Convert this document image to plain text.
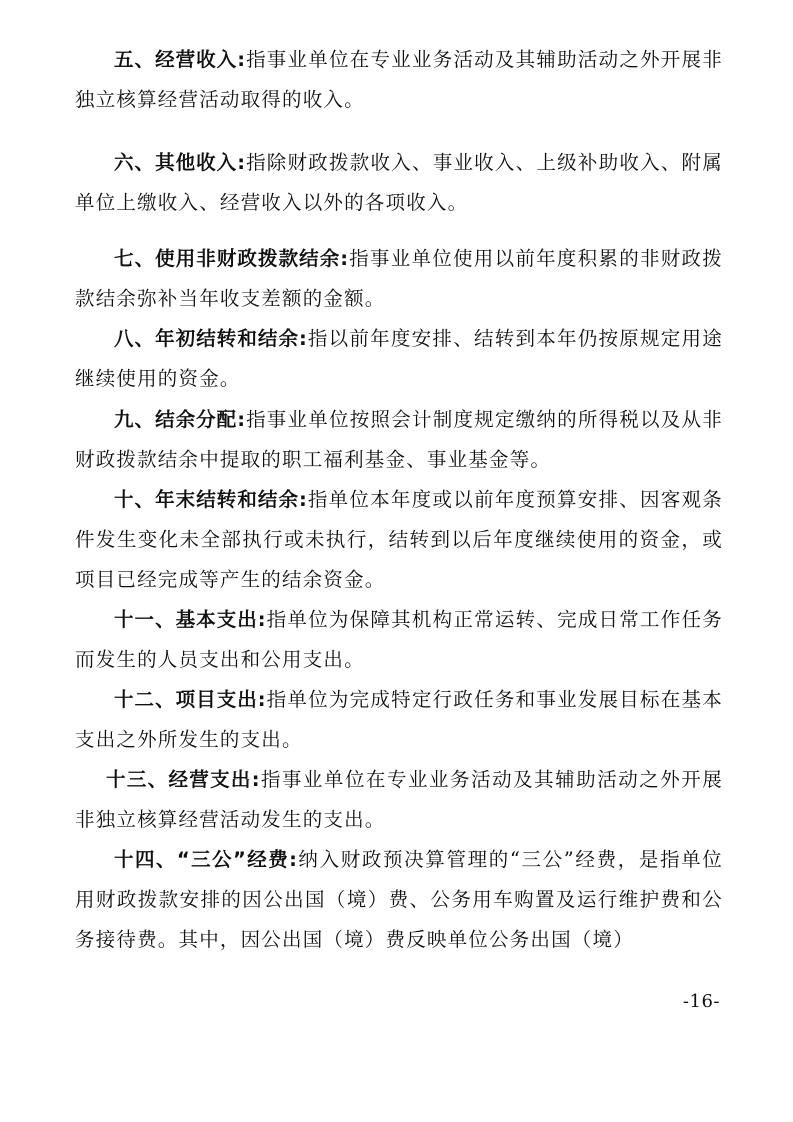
五、经营收入:指事业单位在专业业务活动及其辅助活动之外开展非独立核算经营活动取得的收入。

六、其他收入:指除财政拨款收入、事业收入、上级补助收入、附属单位上缴收入、经营收入以外的各项收入。

七、使用非财政拨款结余:指事业单位使用以前年度积累的非财政拨款结余弥补当年收支差额的金额。

八、年初结转和结余:指以前年度安排、结转到本年仍按原规定用途继续使用的资金。

九、结余分配:指事业单位按照会计制度规定缴纳的所得税以及从非财政拨款结余中提取的职工福利基金、事业基金等。

十、年末结转和结余:指单位本年度或以前年度预算安排、因客观条件发生变化未全部执行或未执行，结转到以后年度继续使用的资金，或项目已经完成等产生的结余资金。

十一、基本支出:指单位为保障其机构正常运转、完成日常工作任务而发生的人员支出和公用支出。

十二、项目支出:指单位为完成特定行政任务和事业发展目标在基本支出之外所发生的支出。

十三、经营支出:指事业单位在专业业务活动及其辅助活动之外开展非独立核算经营活动发生的支出。

十四、“三公”经费:纳入财政预决算管理的“三公”经费，是指单位用财政拨款安排的因公出国（境）费、公务用车购置及运行维护费和公务接待费。其中，因公出国（境）费反映单位公务出国（境）

-16-
